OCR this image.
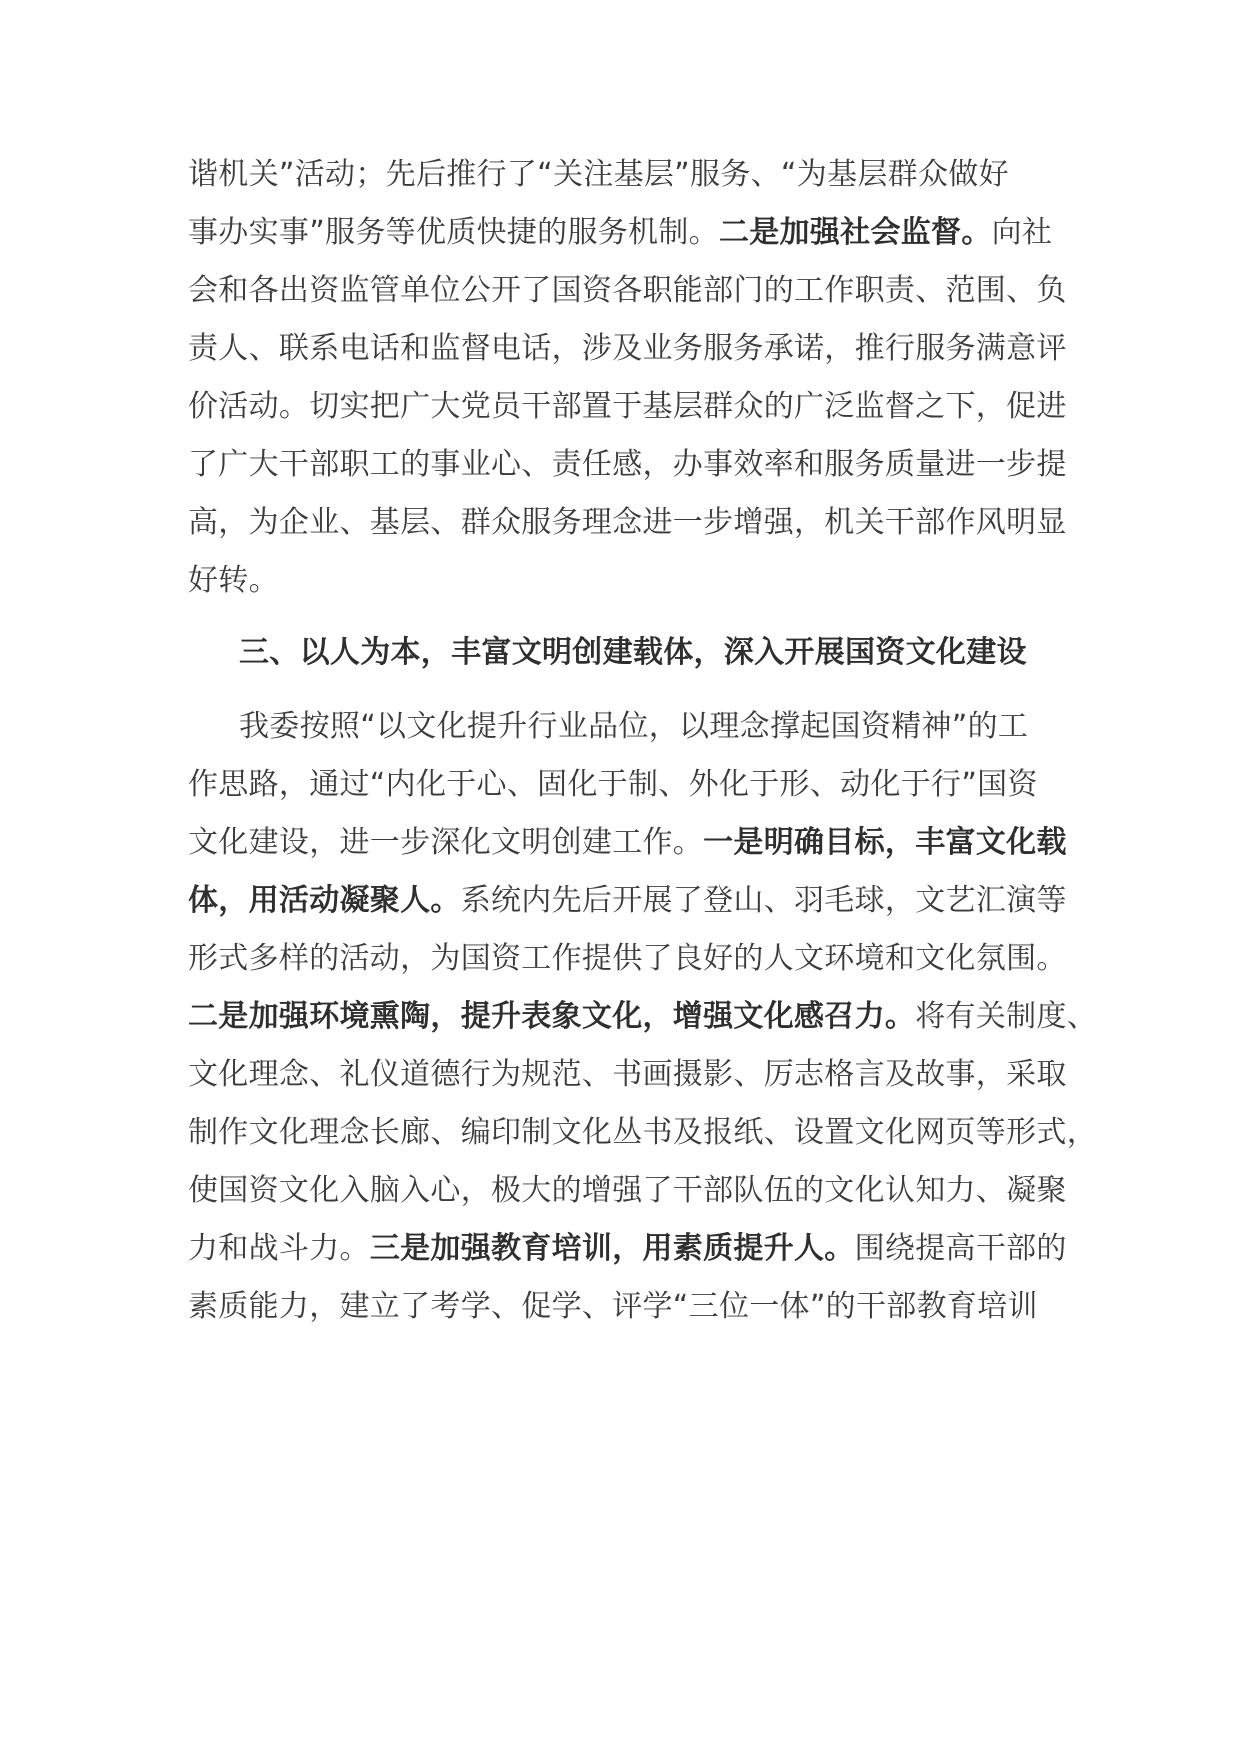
谐机关”活动；先后推行了“关注基层”服务、“为基层群众做好
事办实事”服务等优质快捷的服务机制。二是加强社会监督。向社
会和各出资监管单位公开了国资各职能部门的工作职责、范围、负
责人、联系电话和监督电话，涉及业务服务承诺，推行服务满意评
价活动。切实把广大党员干部置于基层群众的广泛监督之下，促进
了广大干部职工的事业心、责任感，办事效率和服务质量进一步提
高，为企业、基层、群众服务理念进一步增强，机关干部作风明显
好转。
三、以人为本，丰富文明创建载体，深入开展国资文化建设
我委按照“以文化提升行业品位，以理念撑起国资精神”的工
作思路，通过“内化于心、固化于制、外化于形、动化于行”国资
文化建设，进一步深化文明创建工作。一是明确目标，丰富文化载
体，用活动凝聚人。系统内先后开展了登山、羽毛球，文艺汇演等
形式多样的活动，为国资工作提供了良好的人文环境和文化氛围。
二是加强环境熏陶，提升表象文化，增强文化感召力。将有关制度、
文化理念、礼仪道德行为规范、书画摄影、厉志格言及故事，采取
制作文化理念长廊、编印制文化丛书及报纸、设置文化网页等形式，
使国资文化入脑入心，极大的增强了干部队伍的文化认知力、凝聚
力和战斗力。三是加强教育培训，用素质提升人。围绕提高干部的
素质能力，建立了考学、促学、评学“三位一体”的干部教育培训
